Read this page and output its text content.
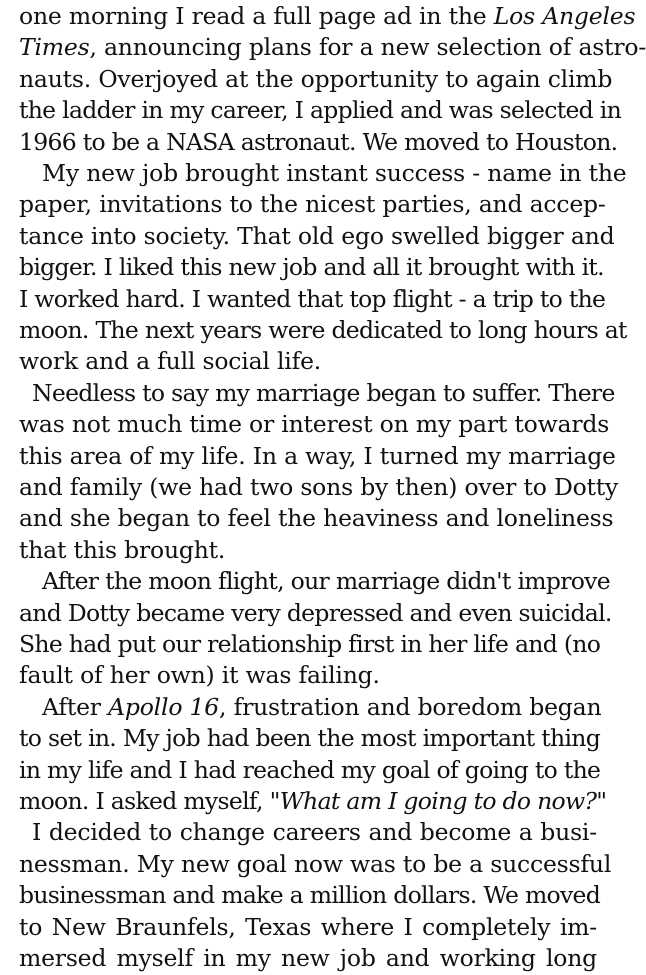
one morning I read a full page ad in the Los Angeles
Times, announcing plans for a new selection of astro-
nauts. Overjoyed at the opportunity to again climb
the ladder in my career, I applied and was selected in
1966 to be a NASA astronaut. We moved to Houston.
My new job brought instant success - name in the
paper, invitations to the nicest parties, and accep-
tance into society. That old ego swelled bigger and
bigger. I liked this new job and all it brought with it.
I worked hard. I wanted that top flight - a trip to the
moon. The next years were dedicated to long hours at
work and a full social life.
Needless to say my marriage began to suffer. There
was not much time or interest on my part towards
this area of my life. In a way, I turned my marriage
and family (we had two sons by then) over to Dotty
and she began to feel the heaviness and loneliness
that this brought.
After the moon flight, our marriage didn't improve
and Dotty became very depressed and even suicidal.
She had put our relationship first in her life and (no
fault of her own) it was failing.
After Apollo 16, frustration and boredom began
to set in. My job had been the most important thing
in my life and I had reached my goal of going to the
moon. I asked myself, "What am I going to do now?"
I decided to change careers and become a busi-
nessman. My new goal now was to be a successful
businessman and make a million dollars. We moved
to New Braunfels, Texas where I completely im-
mersed myself in my new job and working long
